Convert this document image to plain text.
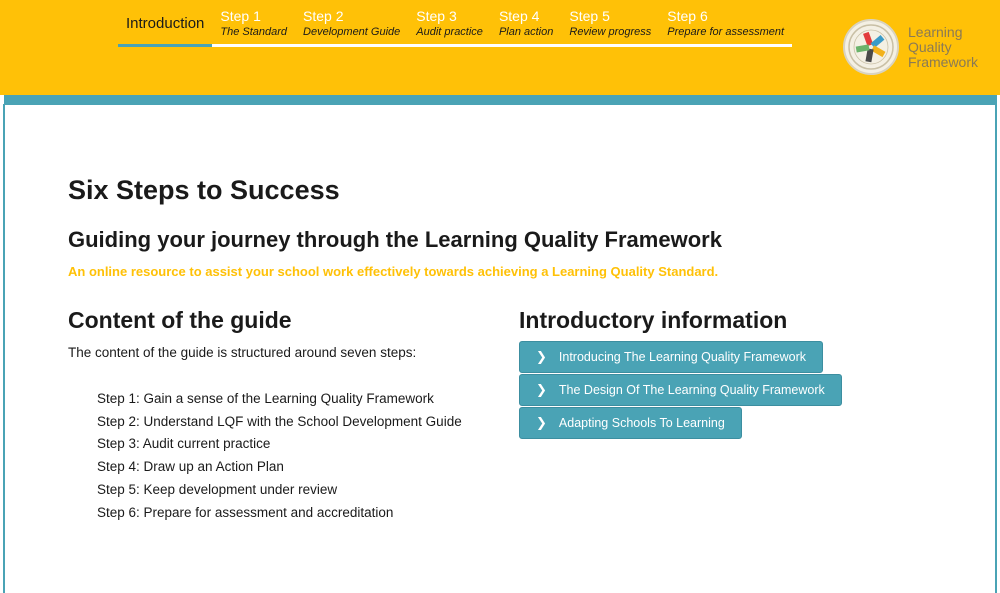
Introduction Step 1
The Standard
Step 2
Development Guide
Step 3
Audit practice
Step 4
Plan action
Step 5
Review progress
Step 6
Prepare for assessment	Learning
Quality
Framework
Six Steps to Success
Guiding your journey through the Learning Quality Framework

An online resource to assist your school work effectively towards achieving a Learning Quality Standard.

Content of the guide

The content of the guide is structured around seven steps:

Step 1: Gain a sense of the Learning Quality Framework
Step 2: Understand LQF with the School Development Guide
Step 3: Audit current practice
Step 4: Draw up an Action Plan
Step 5: Keep development under review
Step 6: Prepare for assessment and accreditation
Introductory information
❯ Introducing The Learning Quality Framework
❯ The Design Of The Learning Quality Framework
❯ Adapting Schools To Learning
